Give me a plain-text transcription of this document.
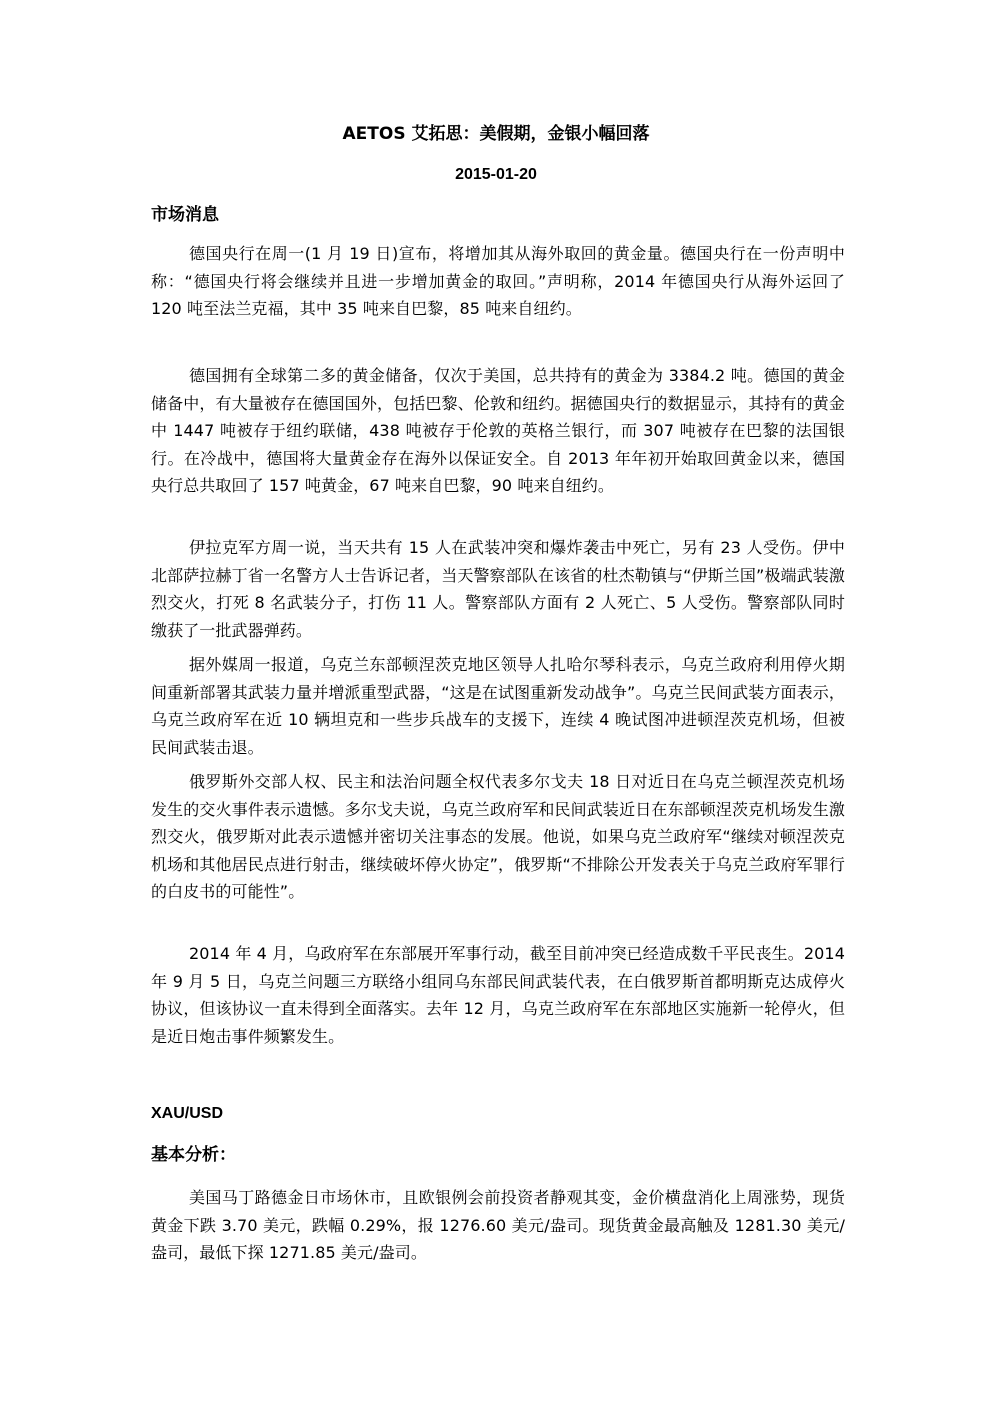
AETOS 艾拓思：美假期，金银小幅回落
2015-01-20
市场消息

德国央行在周一(1 月 19 日)宣布，将增加其从海外取回的黄金量。德国央行在一份声明中称：“德国央行将会继续并且进一步增加黄金的取回。”声明称，2014 年德国央行从海外运回了 120 吨至法兰克福，其中 35 吨来自巴黎，85 吨来自纽约。

德国拥有全球第二多的黄金储备，仅次于美国，总共持有的黄金为 3384.2 吨。德国的黄金储备中，有大量被存在德国国外，包括巴黎、伦敦和纽约。据德国央行的数据显示，其持有的黄金中 1447 吨被存于纽约联储，438 吨被存于伦敦的英格兰银行，而 307 吨被存在巴黎的法国银行。在冷战中，德国将大量黄金存在海外以保证安全。自 2013 年年初开始取回黄金以来，德国央行总共取回了 157 吨黄金，67 吨来自巴黎，90 吨来自纽约。

伊拉克军方周一说，当天共有 15 人在武装冲突和爆炸袭击中死亡，另有 23 人受伤。伊中北部萨拉赫丁省一名警方人士告诉记者，当天警察部队在该省的杜杰勒镇与“伊斯兰国”极端武装激烈交火，打死 8 名武装分子，打伤 11 人。警察部队方面有 2 人死亡、5 人受伤。警察部队同时缴获了一批武器弹药。

据外媒周一报道，乌克兰东部顿涅茨克地区领导人扎哈尔琴科表示，乌克兰政府利用停火期间重新部署其武装力量并增派重型武器，“这是在试图重新发动战争”。乌克兰民间武装方面表示，乌克兰政府军在近 10 辆坦克和一些步兵战车的支援下，连续 4 晚试图冲进顿涅茨克机场，但被民间武装击退。

俄罗斯外交部人权、民主和法治问题全权代表多尔戈夫 18 日对近日在乌克兰顿涅茨克机场发生的交火事件表示遗憾。多尔戈夫说，乌克兰政府军和民间武装近日在东部顿涅茨克机场发生激烈交火，俄罗斯对此表示遗憾并密切关注事态的发展。他说，如果乌克兰政府军“继续对顿涅茨克机场和其他居民点进行射击，继续破坏停火协定”，俄罗斯“不排除公开发表关于乌克兰政府军罪行的白皮书的可能性”。

2014 年 4 月，乌政府军在东部展开军事行动，截至目前冲突已经造成数千平民丧生。2014 年 9 月 5 日，乌克兰问题三方联络小组同乌东部民间武装代表，在白俄罗斯首都明斯克达成停火协议，但该协议一直未得到全面落实。去年 12 月，乌克兰政府军在东部地区实施新一轮停火，但是近日炮击事件频繁发生。

XAU/USD
基本分析：

美国马丁路德金日市场休市，且欧银例会前投资者静观其变，金价横盘消化上周涨势，现货黄金下跌 3.70 美元，跌幅 0.29%，报 1276.60 美元/盎司。现货黄金最高触及 1281.30 美元/盎司，最低下探 1271.85 美元/盎司。
